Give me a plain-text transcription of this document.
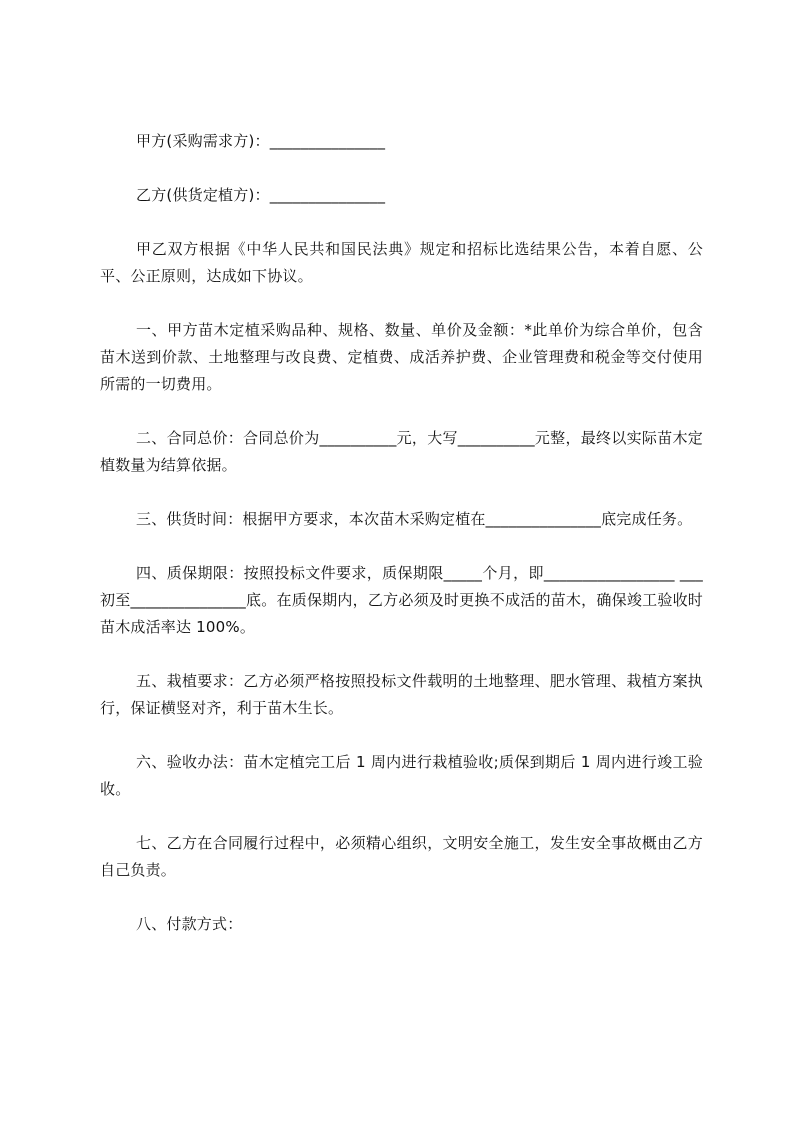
甲方(采购需求方)：_______________

乙方(供货定植方)：_______________

甲乙双方根据《中华人民共和国民法典》规定和招标比选结果公告，本着自愿、公平、公正原则，达成如下协议。

一、甲方苗木定植采购品种、规格、数量、单价及金额：*此单价为综合单价，包含苗木送到价款、土地整理与改良费、定植费、成活养护费、企业管理费和税金等交付使用所需的一切费用。

二、合同总价：合同总价为__________元，大写__________元整，最终以实际苗木定植数量为结算依据。

三、供货时间：根据甲方要求，本次苗木采购定植在_______________底完成任务。

四、质保期限：按照投标文件要求，质保期限_____个月，即_________________ ___初至_______________底。在质保期内，乙方必须及时更换不成活的苗木，确保竣工验收时苗木成活率达 100%。

五、栽植要求：乙方必须严格按照投标文件载明的土地整理、肥水管理、栽植方案执行，保证横竖对齐，利于苗木生长。

六、验收办法：苗木定植完工后 1 周内进行栽植验收;质保到期后 1 周内进行竣工验收。

七、乙方在合同履行过程中，必须精心组织，文明安全施工，发生安全事故概由乙方自己负责。

八、付款方式：
